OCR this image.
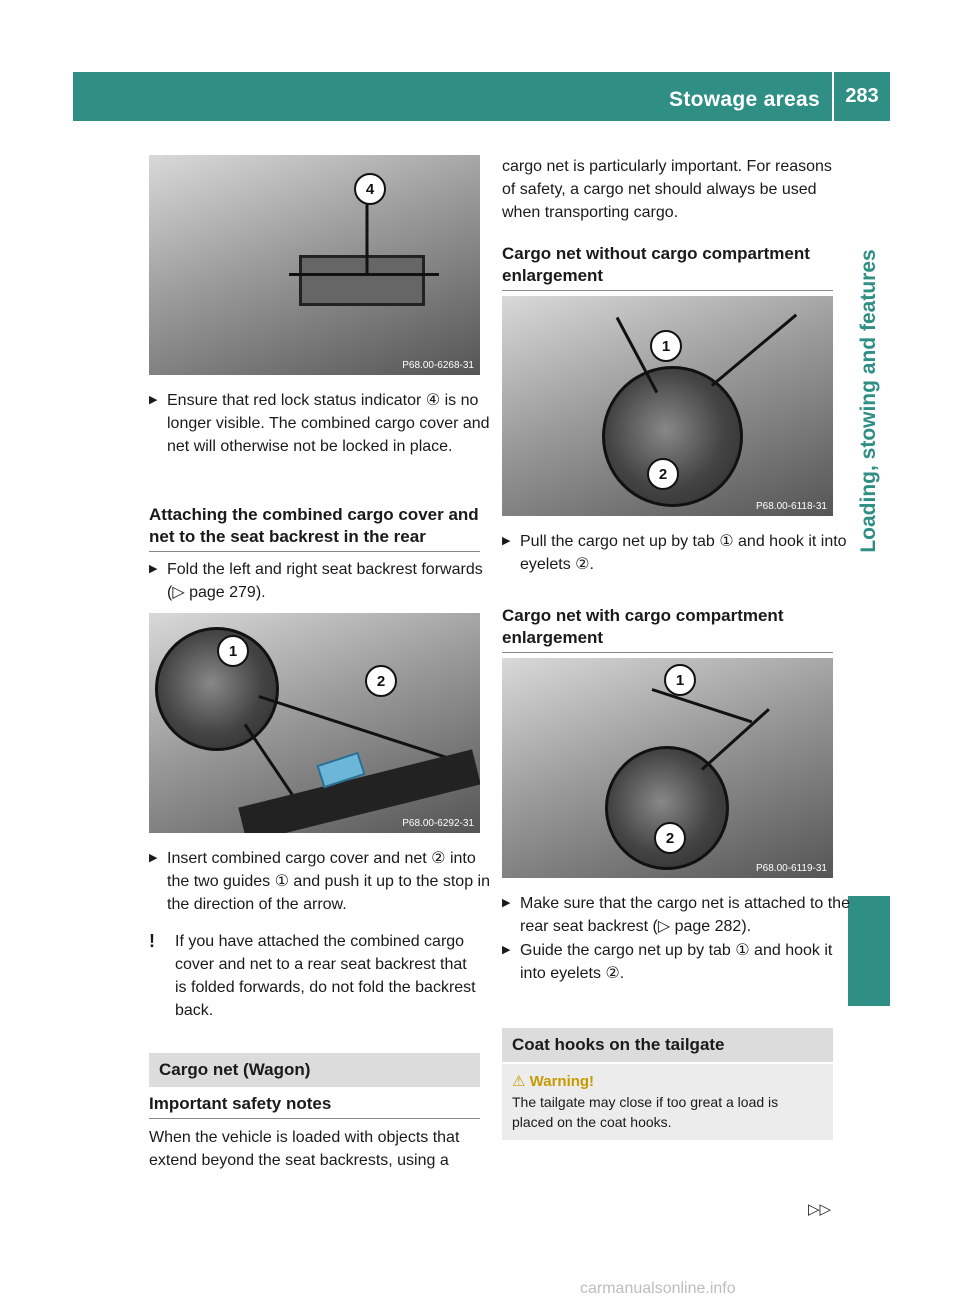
Stowage areas	283
Loading, stowing and features
4
P68.00-6268-31
▶ Ensure that red lock status indicator ④ is no longer visible. The combined cargo cover and net will otherwise not be locked in place.
Attaching the combined cargo cover and net to the seat backrest in the rear
▶ Fold the left and right seat backrest forwards (▷ page 279).
1
2
P68.00-6292-31
▶ Insert combined cargo cover and net ② into the two guides ① and push it up to the stop in the direction of the arrow.
! If you have attached the combined cargo cover and net to a rear seat backrest that is folded forwards, do not fold the backrest back.
Cargo net (Wagon)
Important safety notes
When the vehicle is loaded with objects that extend beyond the seat backrests, using a
cargo net is particularly important. For reasons of safety, a cargo net should always be used when transporting cargo.
Cargo net without cargo compartment enlargement
1
2
P68.00-6118-31
▶ Pull the cargo net up by tab ① and hook it into eyelets ②.
Cargo net with cargo compartment enlargement
1
2
P68.00-6119-31
▶ Make sure that the cargo net is attached to the rear seat backrest (▷ page 282).
▶ Guide the cargo net up by tab ① and hook it into eyelets ②.
Coat hooks on the tailgate
⚠ Warning!
The tailgate may close if too great a load is placed on the coat hooks.
▷▷
carmanualsonline.info
